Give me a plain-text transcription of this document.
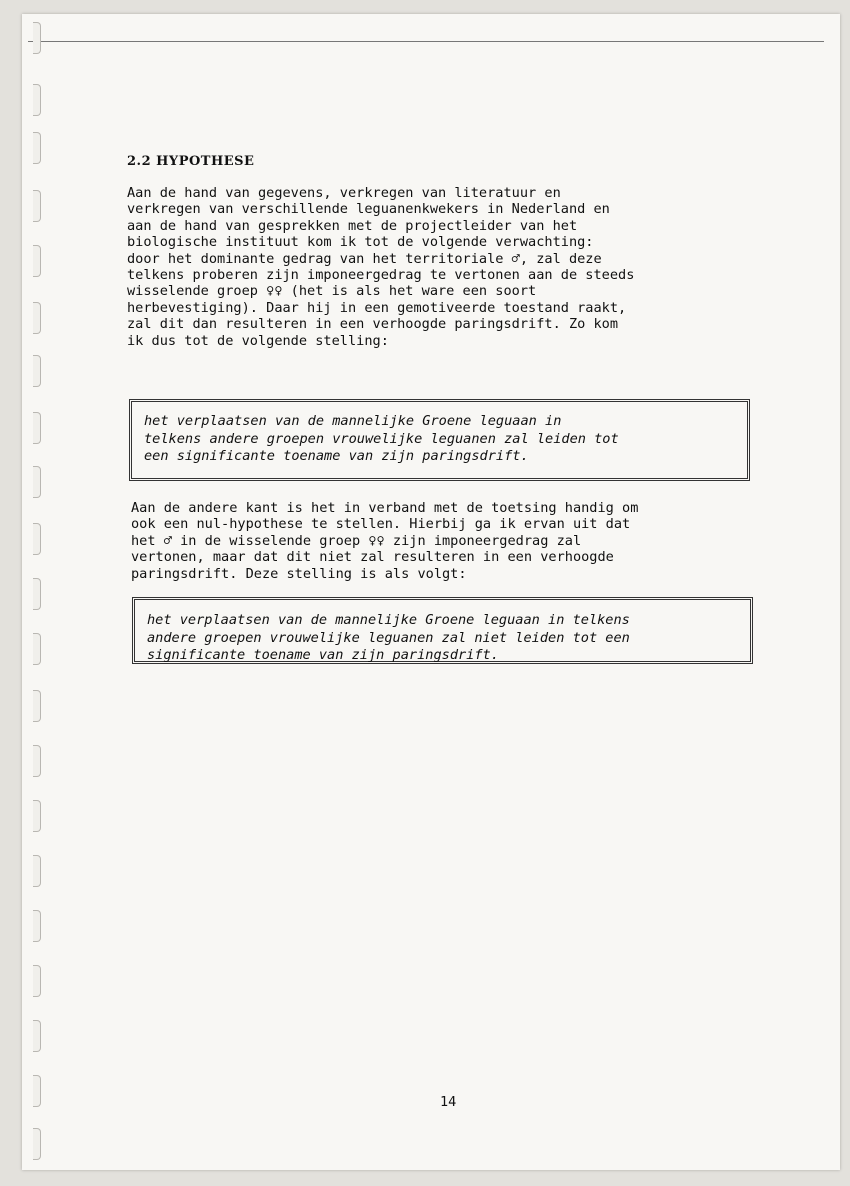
2.2 HYPOTHESE

Aan de hand van gegevens, verkregen van literatuur en
verkregen van verschillende leguanenkwekers in Nederland en
aan de hand van gesprekken met de projectleider van het
biologische instituut kom ik tot de volgende verwachting:
door het dominante gedrag van het territoriale ♂, zal deze
telkens proberen zijn imponeergedrag te vertonen aan de steeds
wisselende groep ♀♀ (het is als het ware een soort
herbevestiging). Daar hij in een gemotiveerde toestand raakt,
zal dit dan resulteren in een verhoogde paringsdrift. Zo kom
ik dus tot de volgende stelling:

het verplaatsen van de mannelijke Groene leguaan in
telkens andere groepen vrouwelijke leguanen zal leiden tot
een significante toename van zijn paringsdrift.

Aan de andere kant is het in verband met de toetsing handig om
ook een nul-hypothese te stellen. Hierbij ga ik ervan uit dat
het ♂ in de wisselende groep ♀♀ zijn imponeergedrag zal
vertonen, maar dat dit niet zal resulteren in een verhoogde
paringsdrift. Deze stelling is als volgt:

het verplaatsen van de mannelijke Groene leguaan in telkens
andere groepen vrouwelijke leguanen zal niet leiden tot een
significante toename van zijn paringsdrift.

14
